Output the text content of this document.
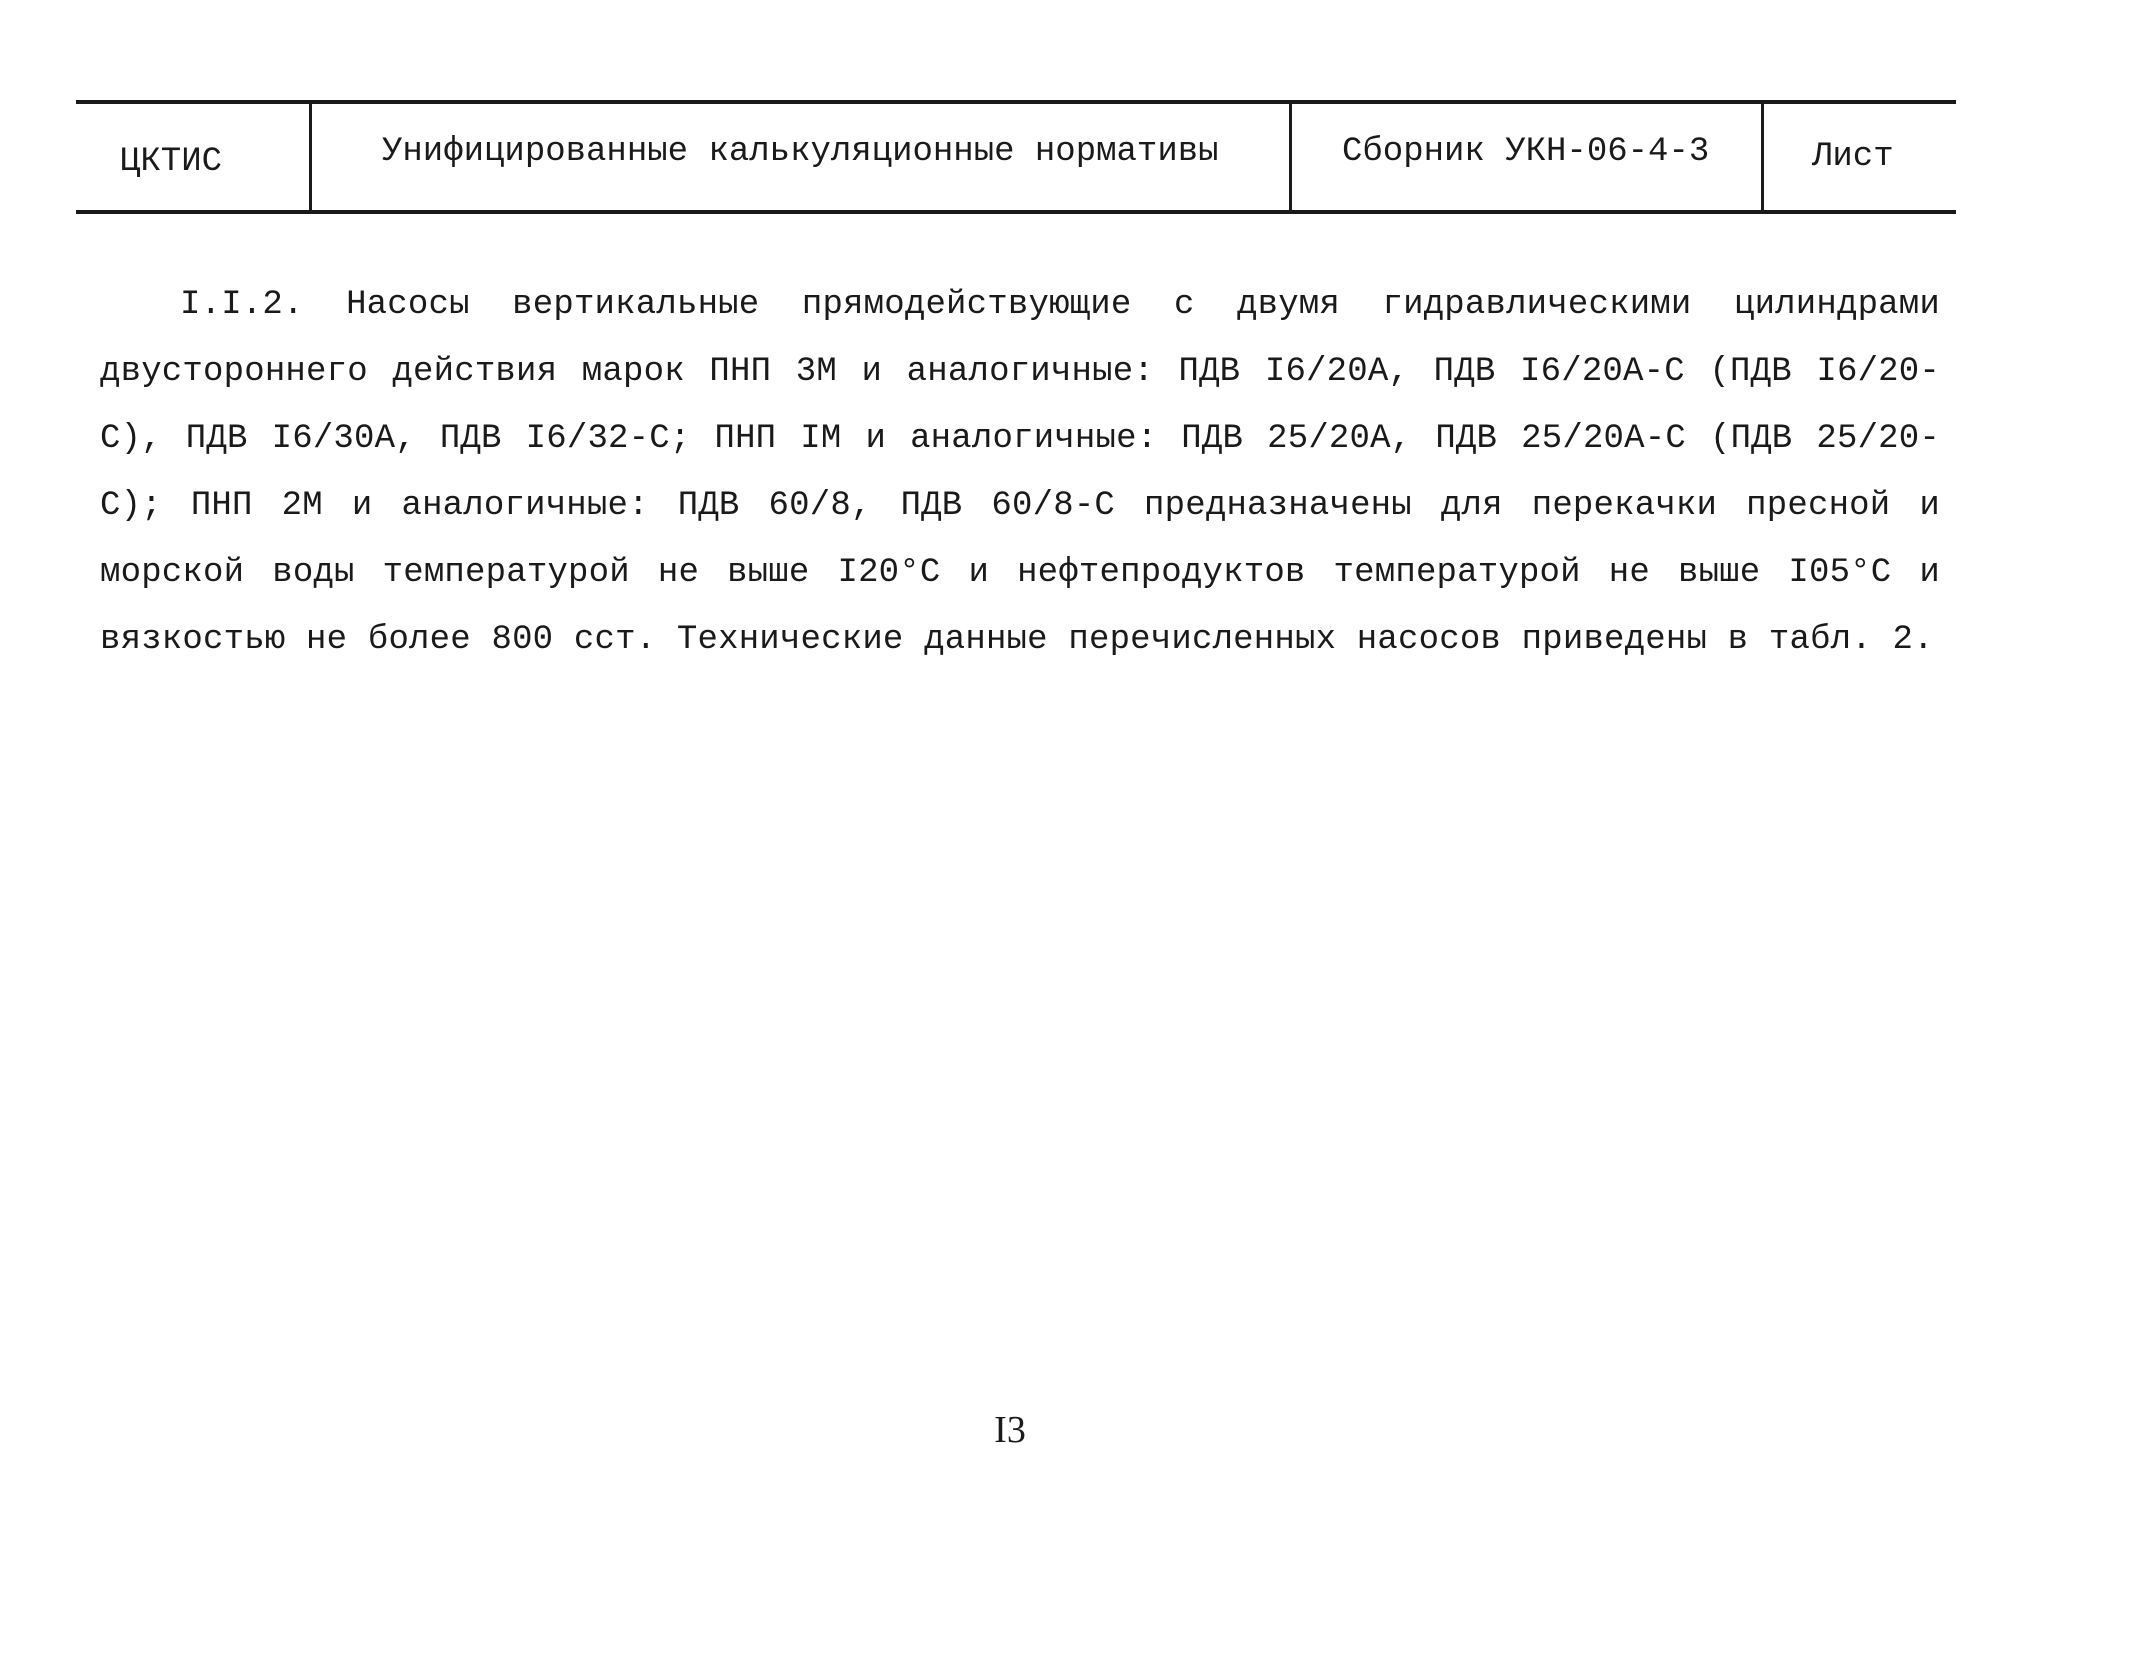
ЦКТИС	Унифицированные калькуляционные нормативы	Сборник УКН-06-4-3	Лист

I.I.2. Насосы вертикальные прямодействующие с двумя гидравлическими цилиндрами двустороннего действия марок ПНП 3М и аналогичные: ПДВ I6/20А, ПДВ I6/20А-С (ПДВ I6/20-С), ПДВ I6/30А, ПДВ I6/32-С; ПНП IМ и аналогичные: ПДВ 25/20А, ПДВ 25/20А-С (ПДВ 25/20-С); ПНП 2М и аналогичные: ПДВ 60/8, ПДВ 60/8-С предназначены для перекачки пресной и морской воды температурой не выше I20°С и нефтепродуктов температурой не выше I05°С и вязкостью не более 800 сст. Технические данные перечисленных насосов приведены в табл. 2.

I3
